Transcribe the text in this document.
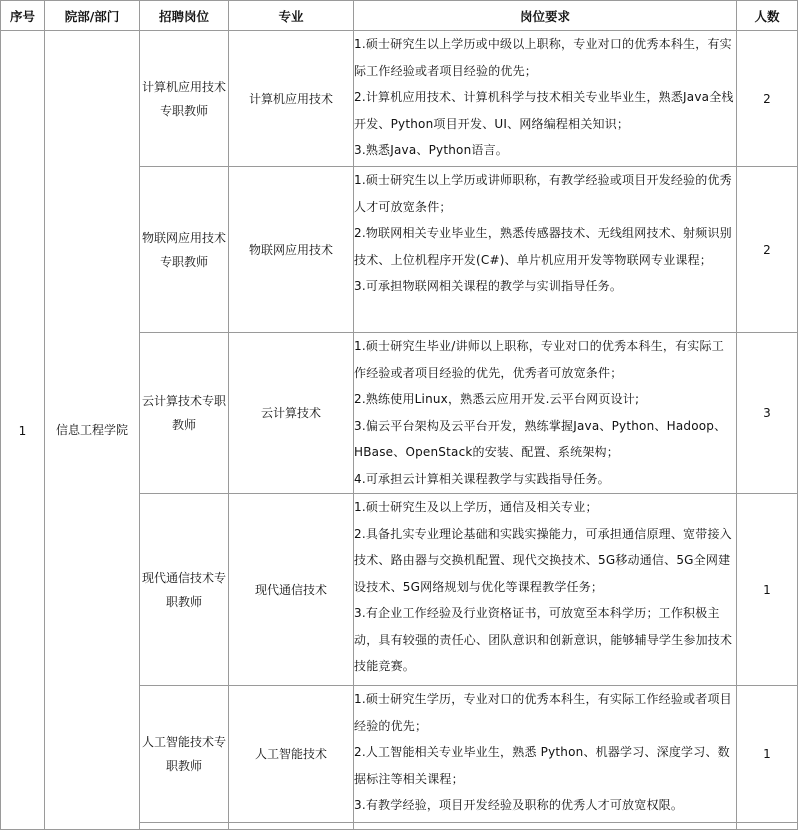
序号	院部/部门	招聘岗位	专业	岗位要求	人数
1	信息工程学院	计算机应用技术专职教师	计算机应用技术	1.硕士研究生以上学历或中级以上职称，专业对口的优秀本科生，有实际工作经验或者项目经验的优先；
2.计算机应用技术、计算机科学与技术相关专业毕业生，熟悉Java全栈开发、Python项目开发、UI、网络编程相关知识；
3.熟悉Java、Python语言。	2
		物联网应用技术专职教师	物联网应用技术	1.硕士研究生以上学历或讲师职称，有教学经验或项目开发经验的优秀人才可放宽条件；
2.物联网相关专业毕业生，熟悉传感器技术、无线组网技术、射频识别技术、上位机程序开发(C#)、单片机应用开发等物联网专业课程；
3.可承担物联网相关课程的教学与实训指导任务。	2
		云计算技术专职教师	云计算技术	1.硕士研究生毕业/讲师以上职称，专业对口的优秀本科生，有实际工作经验或者项目经验的优先，优秀者可放宽条件；
2.熟练使用Linux，熟悉云应用开发.云平台网页设计;
3.偏云平台架构及云平台开发，熟练掌握Java、Python、Hadoop、HBase、OpenStack的安装、配置、系统架构；
4.可承担云计算相关课程教学与实践指导任务。	3
		现代通信技术专职教师	现代通信技术	1.硕士研究生及以上学历，通信及相关专业；
2.具备扎实专业理论基础和实践实操能力，可承担通信原理、宽带接入技术、路由器与交换机配置、现代交换技术、5G移动通信、5G全网建设技术、5G网络规划与优化等课程教学任务；
3.有企业工作经验及行业资格证书，可放宽至本科学历；工作积极主动，具有较强的责任心、团队意识和创新意识，能够辅导学生参加技术技能竞赛。	1
		人工智能技术专职教师	人工智能技术	1.硕士研究生学历，专业对口的优秀本科生，有实际工作经验或者项目经验的优先；
2.人工智能相关专业毕业生，熟悉 Python、机器学习、深度学习、数据标注等相关课程；
3.有教学经验，项目开发经验及职称的优秀人才可放宽权限。	1
